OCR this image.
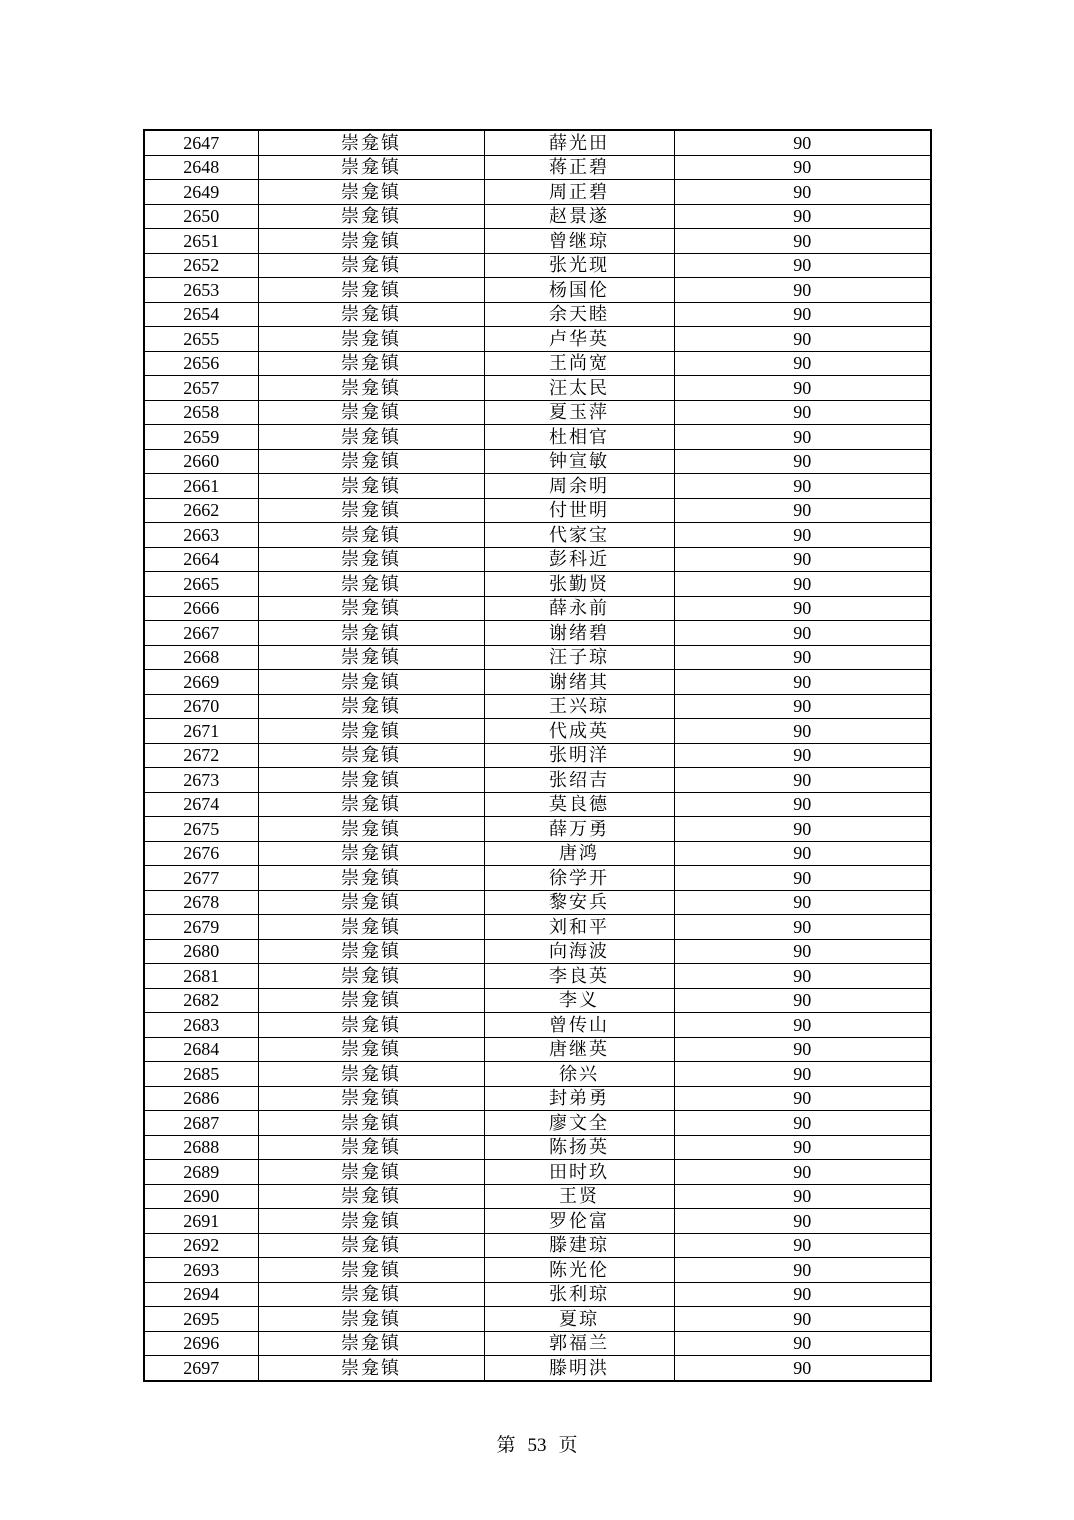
2647	崇龛镇	薛光田	90
2648	崇龛镇	蒋正碧	90
2649	崇龛镇	周正碧	90
2650	崇龛镇	赵景遂	90
2651	崇龛镇	曾继琼	90
2652	崇龛镇	张光现	90
2653	崇龛镇	杨国伦	90
2654	崇龛镇	余天睦	90
2655	崇龛镇	卢华英	90
2656	崇龛镇	王尚宽	90
2657	崇龛镇	汪太民	90
2658	崇龛镇	夏玉萍	90
2659	崇龛镇	杜相官	90
2660	崇龛镇	钟宣敏	90
2661	崇龛镇	周余明	90
2662	崇龛镇	付世明	90
2663	崇龛镇	代家宝	90
2664	崇龛镇	彭科近	90
2665	崇龛镇	张勤贤	90
2666	崇龛镇	薛永前	90
2667	崇龛镇	谢绪碧	90
2668	崇龛镇	汪子琼	90
2669	崇龛镇	谢绪其	90
2670	崇龛镇	王兴琼	90
2671	崇龛镇	代成英	90
2672	崇龛镇	张明洋	90
2673	崇龛镇	张绍吉	90
2674	崇龛镇	莫良德	90
2675	崇龛镇	薛万勇	90
2676	崇龛镇	唐鸿	90
2677	崇龛镇	徐学开	90
2678	崇龛镇	黎安兵	90
2679	崇龛镇	刘和平	90
2680	崇龛镇	向海波	90
2681	崇龛镇	李良英	90
2682	崇龛镇	李义	90
2683	崇龛镇	曾传山	90
2684	崇龛镇	唐继英	90
2685	崇龛镇	徐兴	90
2686	崇龛镇	封弟勇	90
2687	崇龛镇	廖文全	90
2688	崇龛镇	陈扬英	90
2689	崇龛镇	田时玖	90
2690	崇龛镇	王贤	90
2691	崇龛镇	罗伦富	90
2692	崇龛镇	滕建琼	90
2693	崇龛镇	陈光伦	90
2694	崇龛镇	张利琼	90
2695	崇龛镇	夏琼	90
2696	崇龛镇	郭福兰	90
2697	崇龛镇	滕明洪	90
第 53 页
